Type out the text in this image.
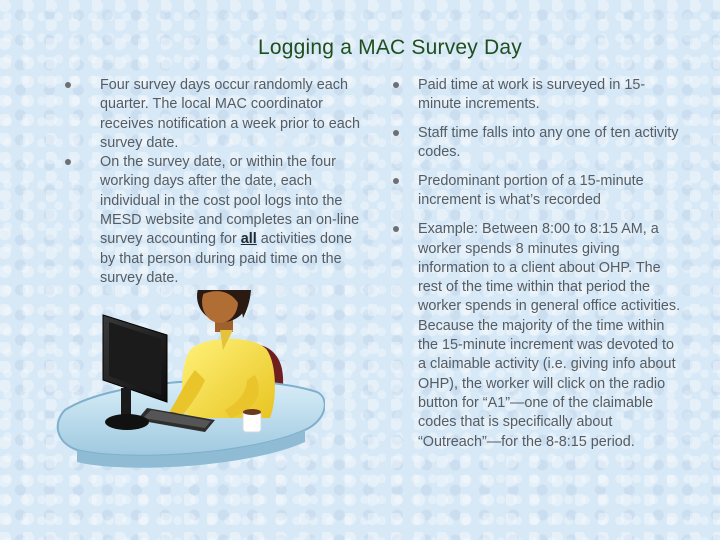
Logging a MAC Survey Day
Four survey days occur randomly each quarter. The local MAC coordinator receives notification a week prior to each survey date.
On the survey date, or within the four working days after the date, each individual in the cost pool logs into the MESD website and completes an on-line survey accounting for all activities done by that person during paid time on the survey date.
Paid time at work is surveyed in 15-minute increments.
Staff time falls into any one of ten activity codes.
Predominant portion of a 15-minute increment is what’s recorded
Example: Between 8:00 to 8:15 AM, a worker spends 8 minutes giving information to a client about OHP. The rest of the time within that period the worker spends in general office activities. Because the majority of the time within the 15-minute increment was devoted to a claimable activity (i.e. giving info about OHP), the worker will click on the radio button for “A1”—one of the claimable codes that is specifically about “Outreach”—for the 8-8:15 period.
